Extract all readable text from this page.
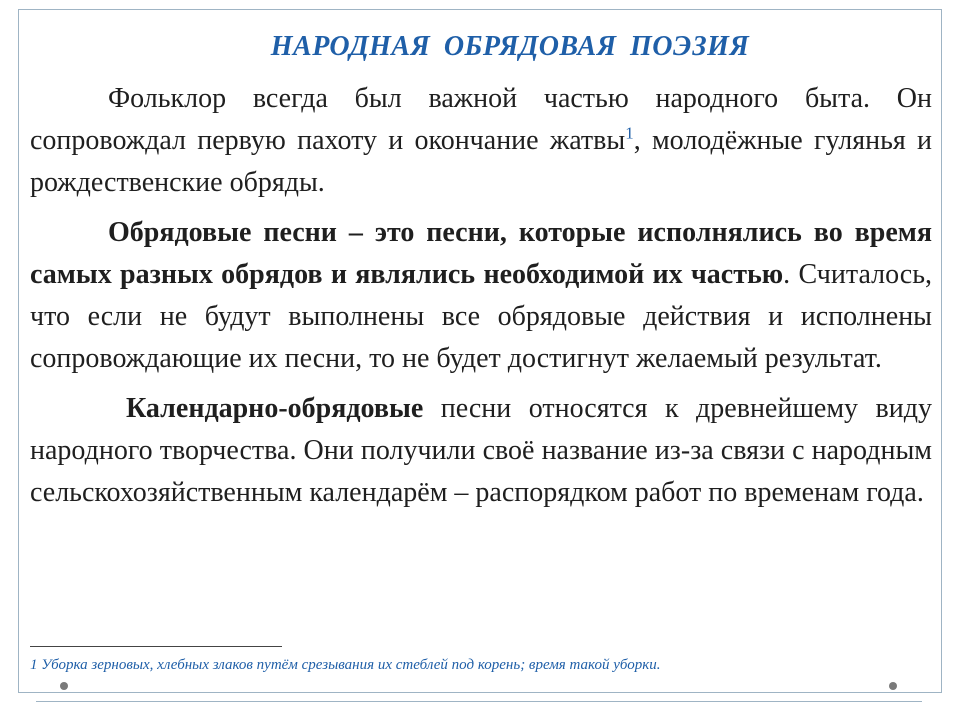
НАРОДНАЯ ОБРЯДОВАЯ ПОЭЗИЯ

Фольклор всегда был важной частью народного быта. Он сопровождал первую пахоту и окончание жатвы$^1$, молодёжные гулянья и рождественские обряды.

Обрядовые песни – это песни, которые исполнялись во время самых разных обрядов и являлись необходимой их частью. Считалось, что если не будут выполнены все обрядовые действия и исполнены сопровождающие их песни, то не будет достигнут желаемый результат.

Календарно-обрядовые песни относятся к древнейшему виду народного творчества. Они получили своё название из-за связи с народным сельскохозяйственным календарём – распорядком работ по временам года.

1 Уборка зерновых, хлебных злаков путём срезывания их стеблей под корень; время такой уборки.
